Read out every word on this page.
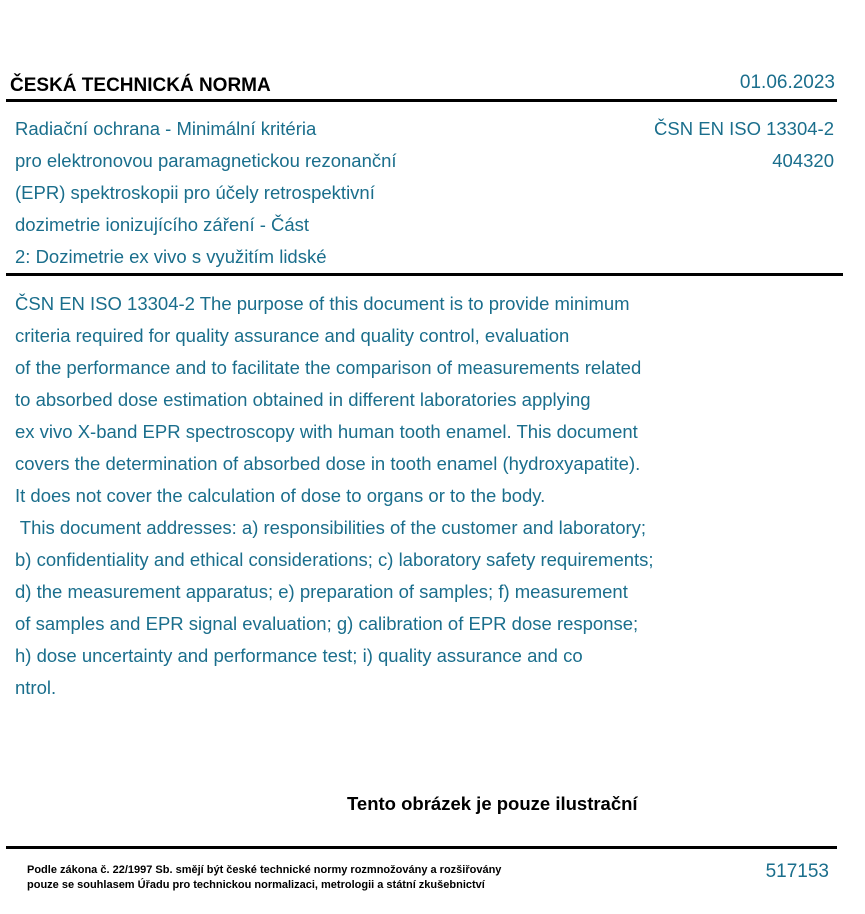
ČESKÁ TECHNICKÁ NORMA	01.06.2023
Radiační ochrana - Minimální kritéria
pro elektronovou paramagnetickou rezonanční
(EPR) spektroskopii pro účely retrospektivní
dozimetrie ionizujícího záření - Část
2: Dozimetrie ex vivo s využitím lidské
ČSN EN ISO 13304-2
404320
ČSN EN ISO 13304-2 The purpose of this document is to provide minimum
criteria required for quality assurance and quality control, evaluation
of the performance and to facilitate the comparison of measurements related
to absorbed dose estimation obtained in different laboratories applying
ex vivo X-band EPR spectroscopy with human tooth enamel. This document
covers the determination of absorbed dose in tooth enamel (hydroxyapatite).
It does not cover the calculation of dose to organs or to the body.
This document addresses: a) responsibilities of the customer and laboratory;
b) confidentiality and ethical considerations; c) laboratory safety requirements;
d) the measurement apparatus; e) preparation of samples; f) measurement
of samples and EPR signal evaluation; g) calibration of EPR dose response;
h) dose uncertainty and performance test; i) quality assurance and co
ntrol.
Tento obrázek je pouze ilustrační
Podle zákona č. 22/1997 Sb. smějí být české technické normy rozmnožovány a rozšiřovány
pouze se souhlasem Úřadu pro technickou normalizaci, metrologii a státní zkušebnictví
517153
